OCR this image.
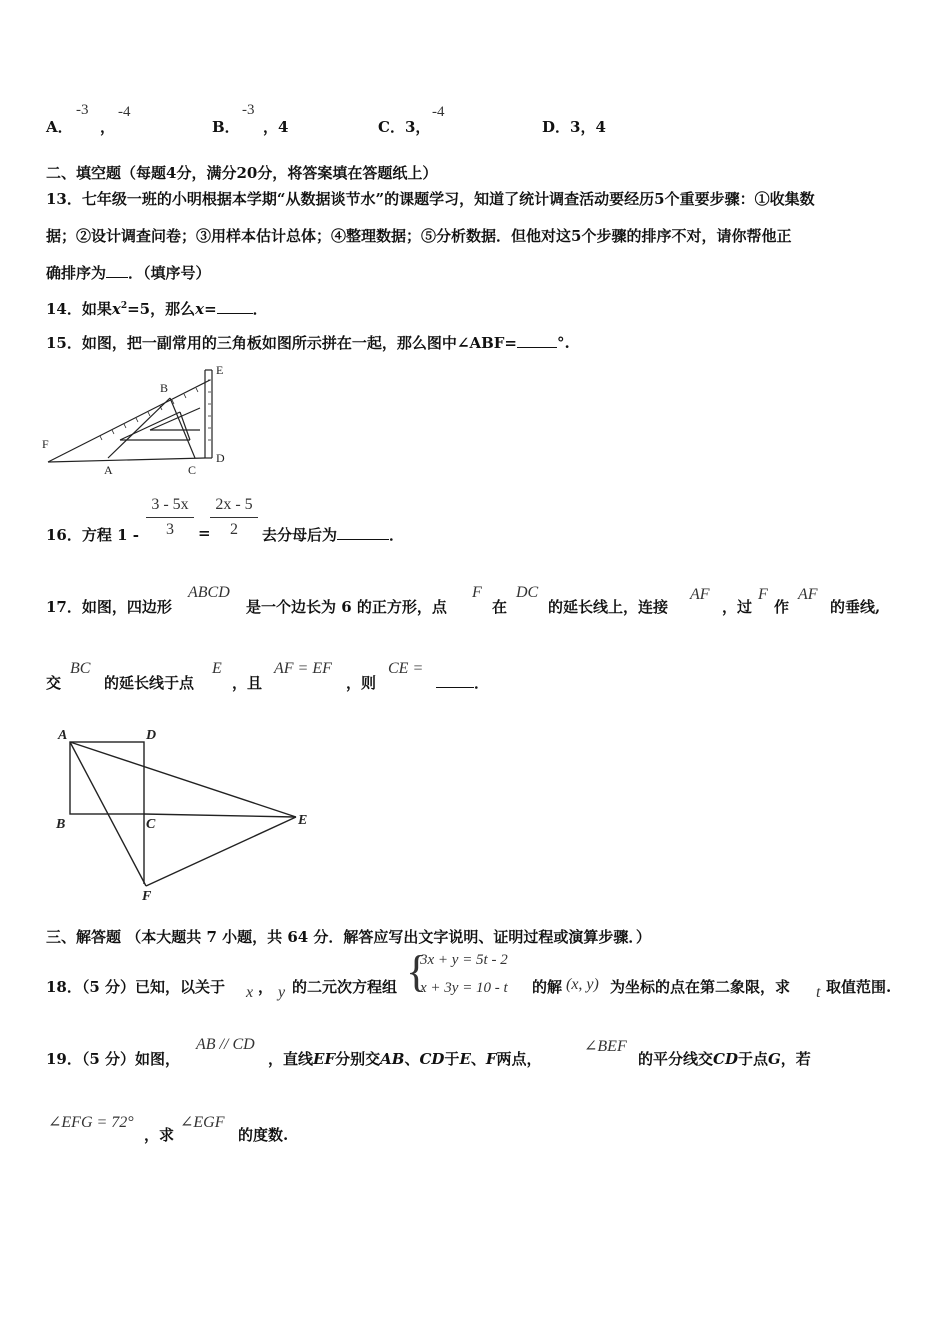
A．
-3
，
-4
B．
-3
，4	C．3，
-4
D．3，4
二、填空题（每题4分，满分20分，将答案填在答题纸上）
13．七年级一班的小明根据本学期“从数据谈节水”的课题学习，知道了统计调查活动要经历5个重要步骤：①收集数
据；②设计调查问卷；③用样本估计总体；④整理数据；⑤分析数据．但他对这5个步骤的排序不对，请你帮他正
确排序为 ．（填序号）
14．如果$x^2=5$，那么x= ．
15．如图，把一副常用的三角板如图所示拼在一起，那么图中∠ABF=	°.
E
B
F
A	C
D
16．方程 1 -
3 - 5x
3	=
2x - 5
2	去分母后为	．
17．如图，四边形
ABCD
是一个边长为 6 的正方形，点
F
在
DC
的延长线上，连接
AF
，过
F
作
AF
的垂线,
交
BC
的延长线于点
E
，且
AF = EF
，则
CE =
．
A	D
B	C	E
F
三、解答题 （本大题共 7 小题，共 64 分．解答应写出文字说明、证明过程或演算步骤．）
18．（5 分）已知，以关于 x ， y 的二元次方程组 {
3x + y = 5t - 2
x + 3y = 10 - t 的解 (x, y) 为坐标的点在第二象限，求 t 取值范围.
19．（5 分）如图，
AB // CD
，直线EF分别交AB、CD于E、F两点，
∠BEF
的平分线交CD于点G，若
∠EFG = 72°
，求
∠EGF
的度数.
